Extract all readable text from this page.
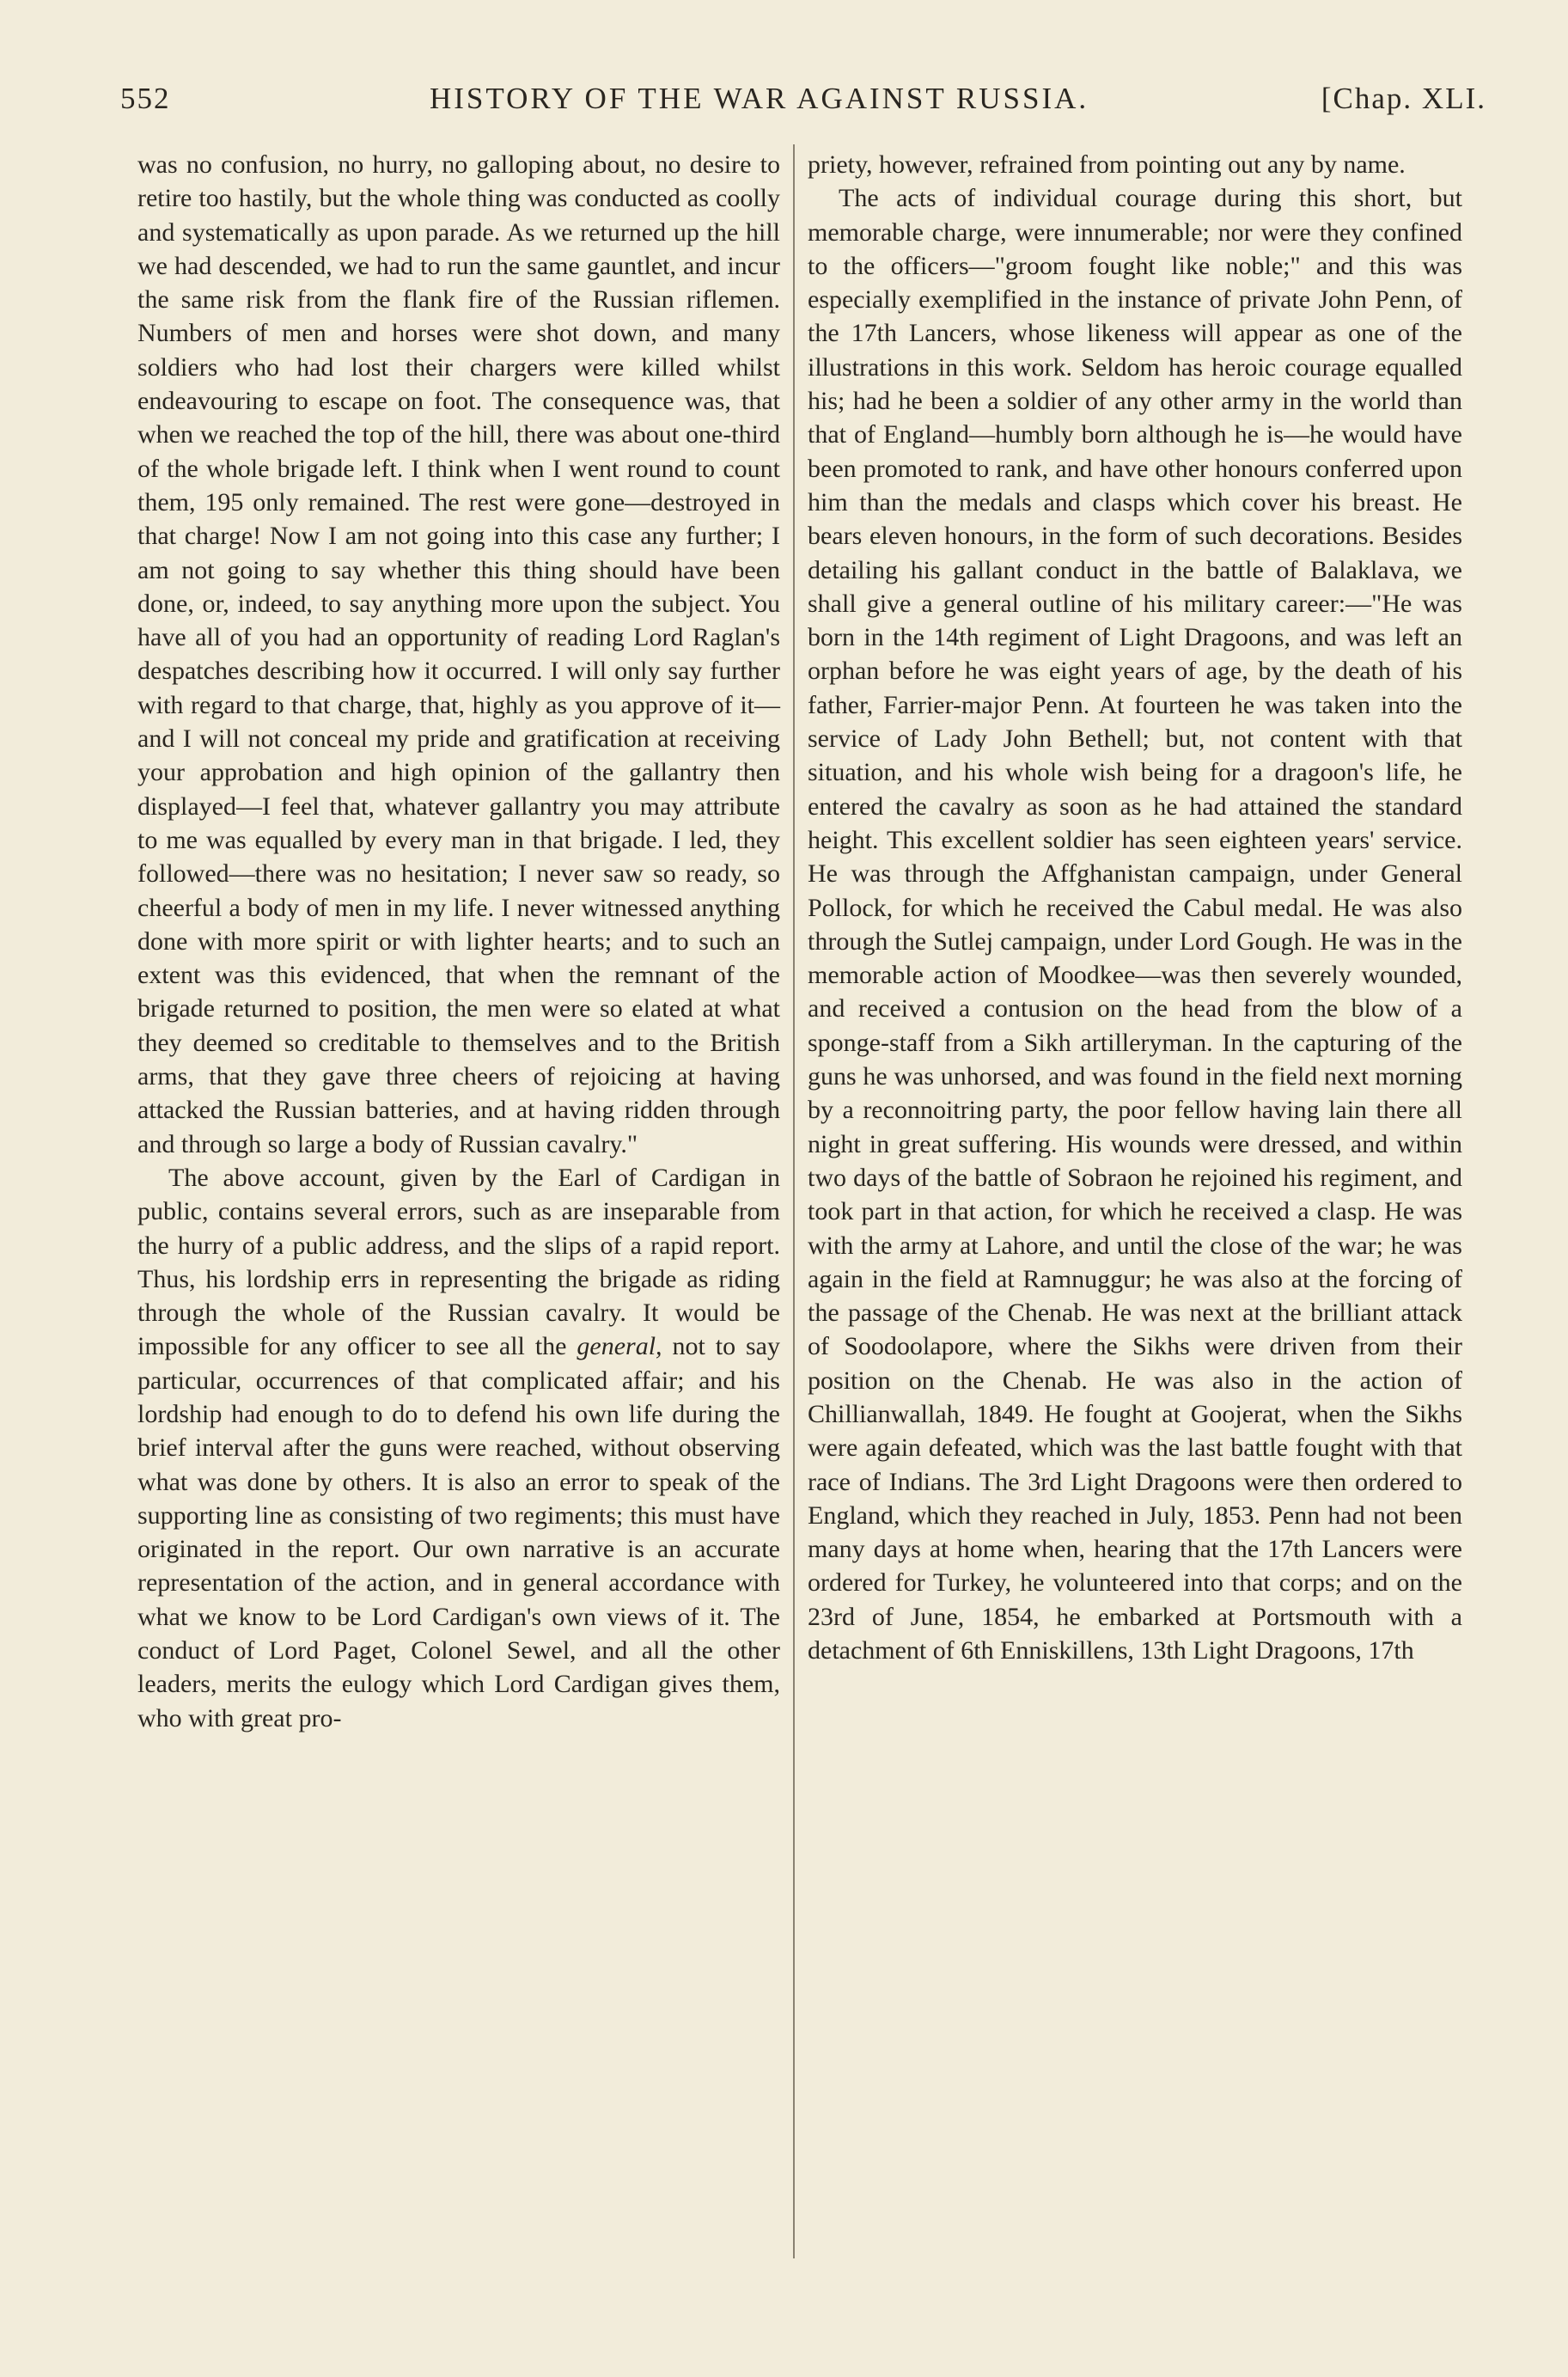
552	HISTORY OF THE WAR AGAINST RUSSIA.	[Chap. XLI.

was no confusion, no hurry, no galloping about, no desire to retire too hastily, but the whole thing was conducted as coolly and systematically as upon parade. As we returned up the hill we had descended, we had to run the same gauntlet, and incur the same risk from the flank fire of the Russian riflemen. Numbers of men and horses were shot down, and many soldiers who had lost their chargers were killed whilst endeavouring to escape on foot. The consequence was, that when we reached the top of the hill, there was about one-third of the whole brigade left. I think when I went round to count them, 195 only remained. The rest were gone—destroyed in that charge! Now I am not going into this case any further; I am not going to say whether this thing should have been done, or, indeed, to say anything more upon the subject. You have all of you had an opportunity of reading Lord Raglan's despatches describing how it occurred. I will only say further with regard to that charge, that, highly as you approve of it—and I will not conceal my pride and gratification at receiving your approbation and high opinion of the gallantry then displayed—I feel that, whatever gallantry you may attribute to me was equalled by every man in that brigade. I led, they followed—there was no hesitation; I never saw so ready, so cheerful a body of men in my life. I never witnessed anything done with more spirit or with lighter hearts; and to such an extent was this evidenced, that when the remnant of the brigade returned to position, the men were so elated at what they deemed so creditable to themselves and to the British arms, that they gave three cheers of rejoicing at having attacked the Russian batteries, and at having ridden through and through so large a body of Russian cavalry."

The above account, given by the Earl of Cardigan in public, contains several errors, such as are inseparable from the hurry of a public address, and the slips of a rapid report. Thus, his lordship errs in representing the brigade as riding through the whole of the Russian cavalry. It would be impossible for any officer to see all the general, not to say particular, occurrences of that complicated affair; and his lordship had enough to do to defend his own life during the brief interval after the guns were reached, without observing what was done by others. It is also an error to speak of the supporting line as consisting of two regiments; this must have originated in the report. Our own narrative is an accurate representation of the action, and in general accordance with what we know to be Lord Cardigan's own views of it. The conduct of Lord Paget, Colonel Sewel, and all the other leaders, merits the eulogy which Lord Cardigan gives them, who with great pro-

priety, however, refrained from pointing out any by name.

The acts of individual courage during this short, but memorable charge, were innumerable; nor were they confined to the officers—"groom fought like noble;" and this was especially exemplified in the instance of private John Penn, of the 17th Lancers, whose likeness will appear as one of the illustrations in this work. Seldom has heroic courage equalled his; had he been a soldier of any other army in the world than that of England—humbly born although he is—he would have been promoted to rank, and have other honours conferred upon him than the medals and clasps which cover his breast. He bears eleven honours, in the form of such decorations. Besides detailing his gallant conduct in the battle of Balaklava, we shall give a general outline of his military career:—"He was born in the 14th regiment of Light Dragoons, and was left an orphan before he was eight years of age, by the death of his father, Farrier-major Penn. At fourteen he was taken into the service of Lady John Bethell; but, not content with that situation, and his whole wish being for a dragoon's life, he entered the cavalry as soon as he had attained the standard height. This excellent soldier has seen eighteen years' service. He was through the Affghanistan campaign, under General Pollock, for which he received the Cabul medal. He was also through the Sutlej campaign, under Lord Gough. He was in the memorable action of Moodkee—was then severely wounded, and received a contusion on the head from the blow of a sponge-staff from a Sikh artilleryman. In the capturing of the guns he was unhorsed, and was found in the field next morning by a reconnoitring party, the poor fellow having lain there all night in great suffering. His wounds were dressed, and within two days of the battle of Sobraon he rejoined his regiment, and took part in that action, for which he received a clasp. He was with the army at Lahore, and until the close of the war; he was again in the field at Ramnuggur; he was also at the forcing of the passage of the Chenab. He was next at the brilliant attack of Soodoolapore, where the Sikhs were driven from their position on the Chenab. He was also in the action of Chillianwallah, 1849. He fought at Goojerat, when the Sikhs were again defeated, which was the last battle fought with that race of Indians. The 3rd Light Dragoons were then ordered to England, which they reached in July, 1853. Penn had not been many days at home when, hearing that the 17th Lancers were ordered for Turkey, he volunteered into that corps; and on the 23rd of June, 1854, he embarked at Portsmouth with a detachment of 6th Enniskillens, 13th Light Dragoons, 17th
